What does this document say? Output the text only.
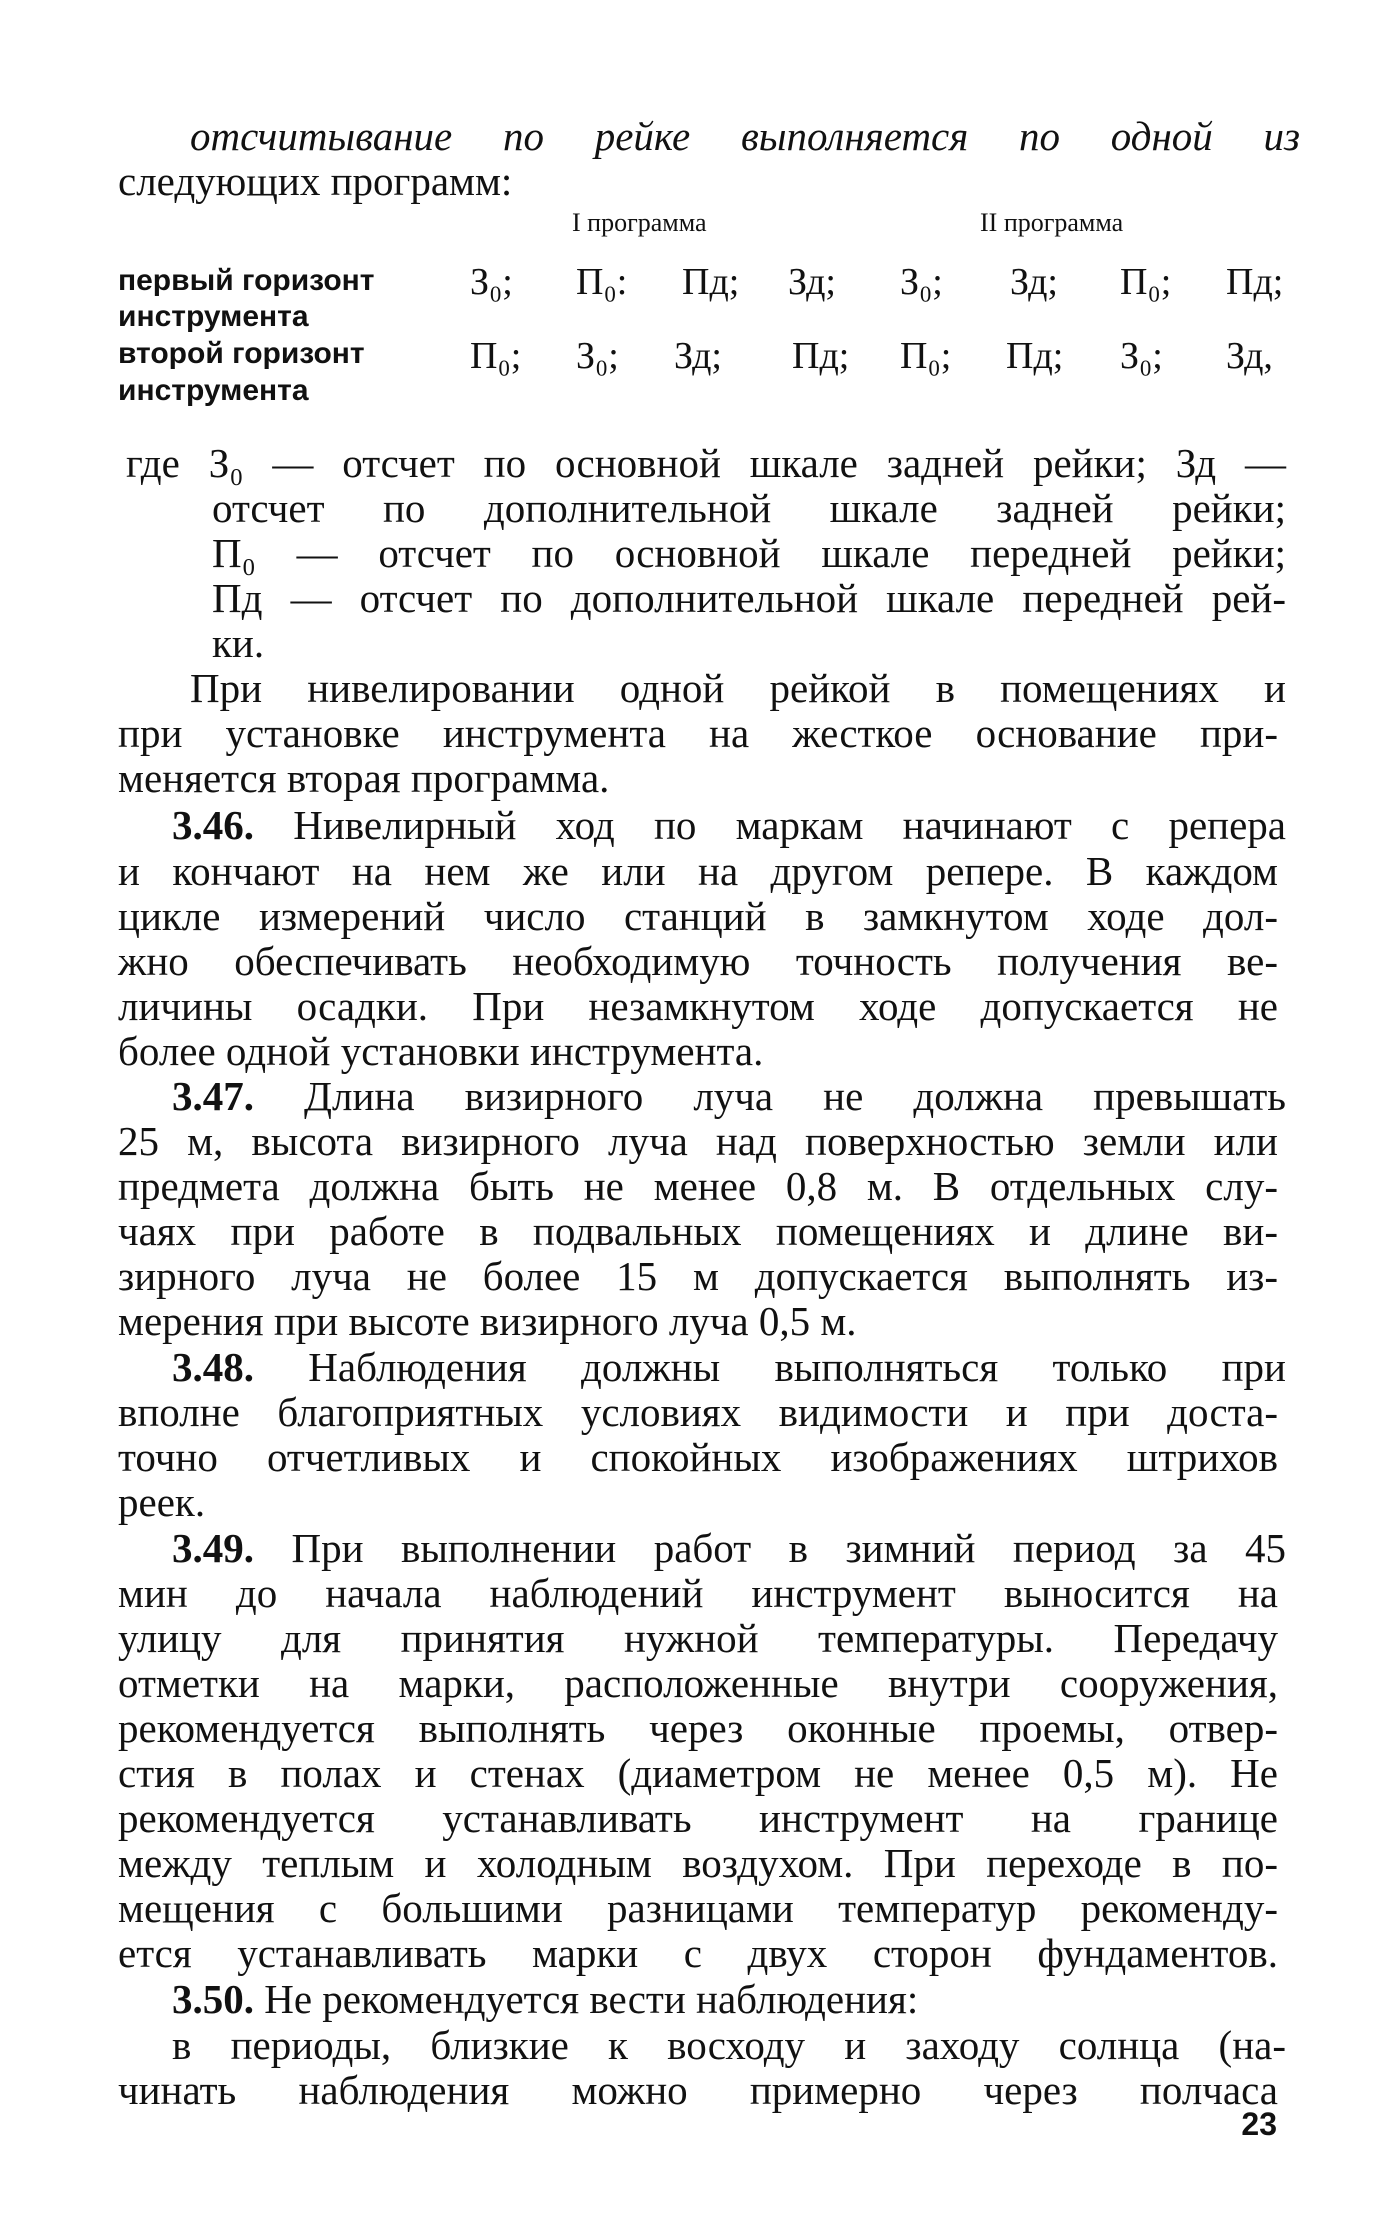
отсчитывание по рейке выполняется по одной из
следующих программ:
I программа	II программа
первый горизонт
инструмента
второй горизонт
инструмента
З₀; П₀: Пд; Зд; З₀; Зд; П₀; Пд;
П₀; З₀; Зд; Пд; П₀; Пд; З₀; Зд,
где З₀ — отсчет по основной шкале задней рейки; Зд —
отсчет по дополнительной шкале задней рейки;
П₀ — отсчет по основной шкале передней рейки;
Пд — отсчет по дополнительной шкале передней рей-
ки.
При нивелировании одной рейкой в помещениях и
при установке инструмента на жесткое основание при-
меняется вторая программа.
3.46. Нивелирный ход по маркам начинают с репера
и кончают на нем же или на другом репере. В каждом
цикле измерений число станций в замкнутом ходе дол-
жно обеспечивать необходимую точность получения ве-
личины осадки. При незамкнутом ходе допускается не
более одной установки инструмента.
3.47. Длина визирного луча не должна превышать
25 м, высота визирного луча над поверхностью земли или
предмета должна быть не менее 0,8 м. В отдельных слу-
чаях при работе в подвальных помещениях и длине ви-
зирного луча не более 15 м допускается выполнять из-
мерения при высоте визирного луча 0,5 м.
3.48. Наблюдения должны выполняться только при
вполне благоприятных условиях видимости и при доста-
точно отчетливых и спокойных изображениях штрихов
реек.
3.49. При выполнении работ в зимний период за 45
мин до начала наблюдений инструмент выносится на
улицу для принятия нужной температуры. Передачу
отметки на марки, расположенные внутри сооружения,
рекомендуется выполнять через оконные проемы, отвер-
стия в полах и стенах (диаметром не менее 0,5 м). Не
рекомендуется устанавливать инструмент на границе
между теплым и холодным воздухом. При переходе в по-
мещения с большими разницами температур рекоменду-
ется устанавливать марки с двух сторон фундаментов.
3.50. Не рекомендуется вести наблюдения:
в периоды, близкие к восходу и заходу солнца (на-
чинать наблюдения можно примерно через полчаса
23
